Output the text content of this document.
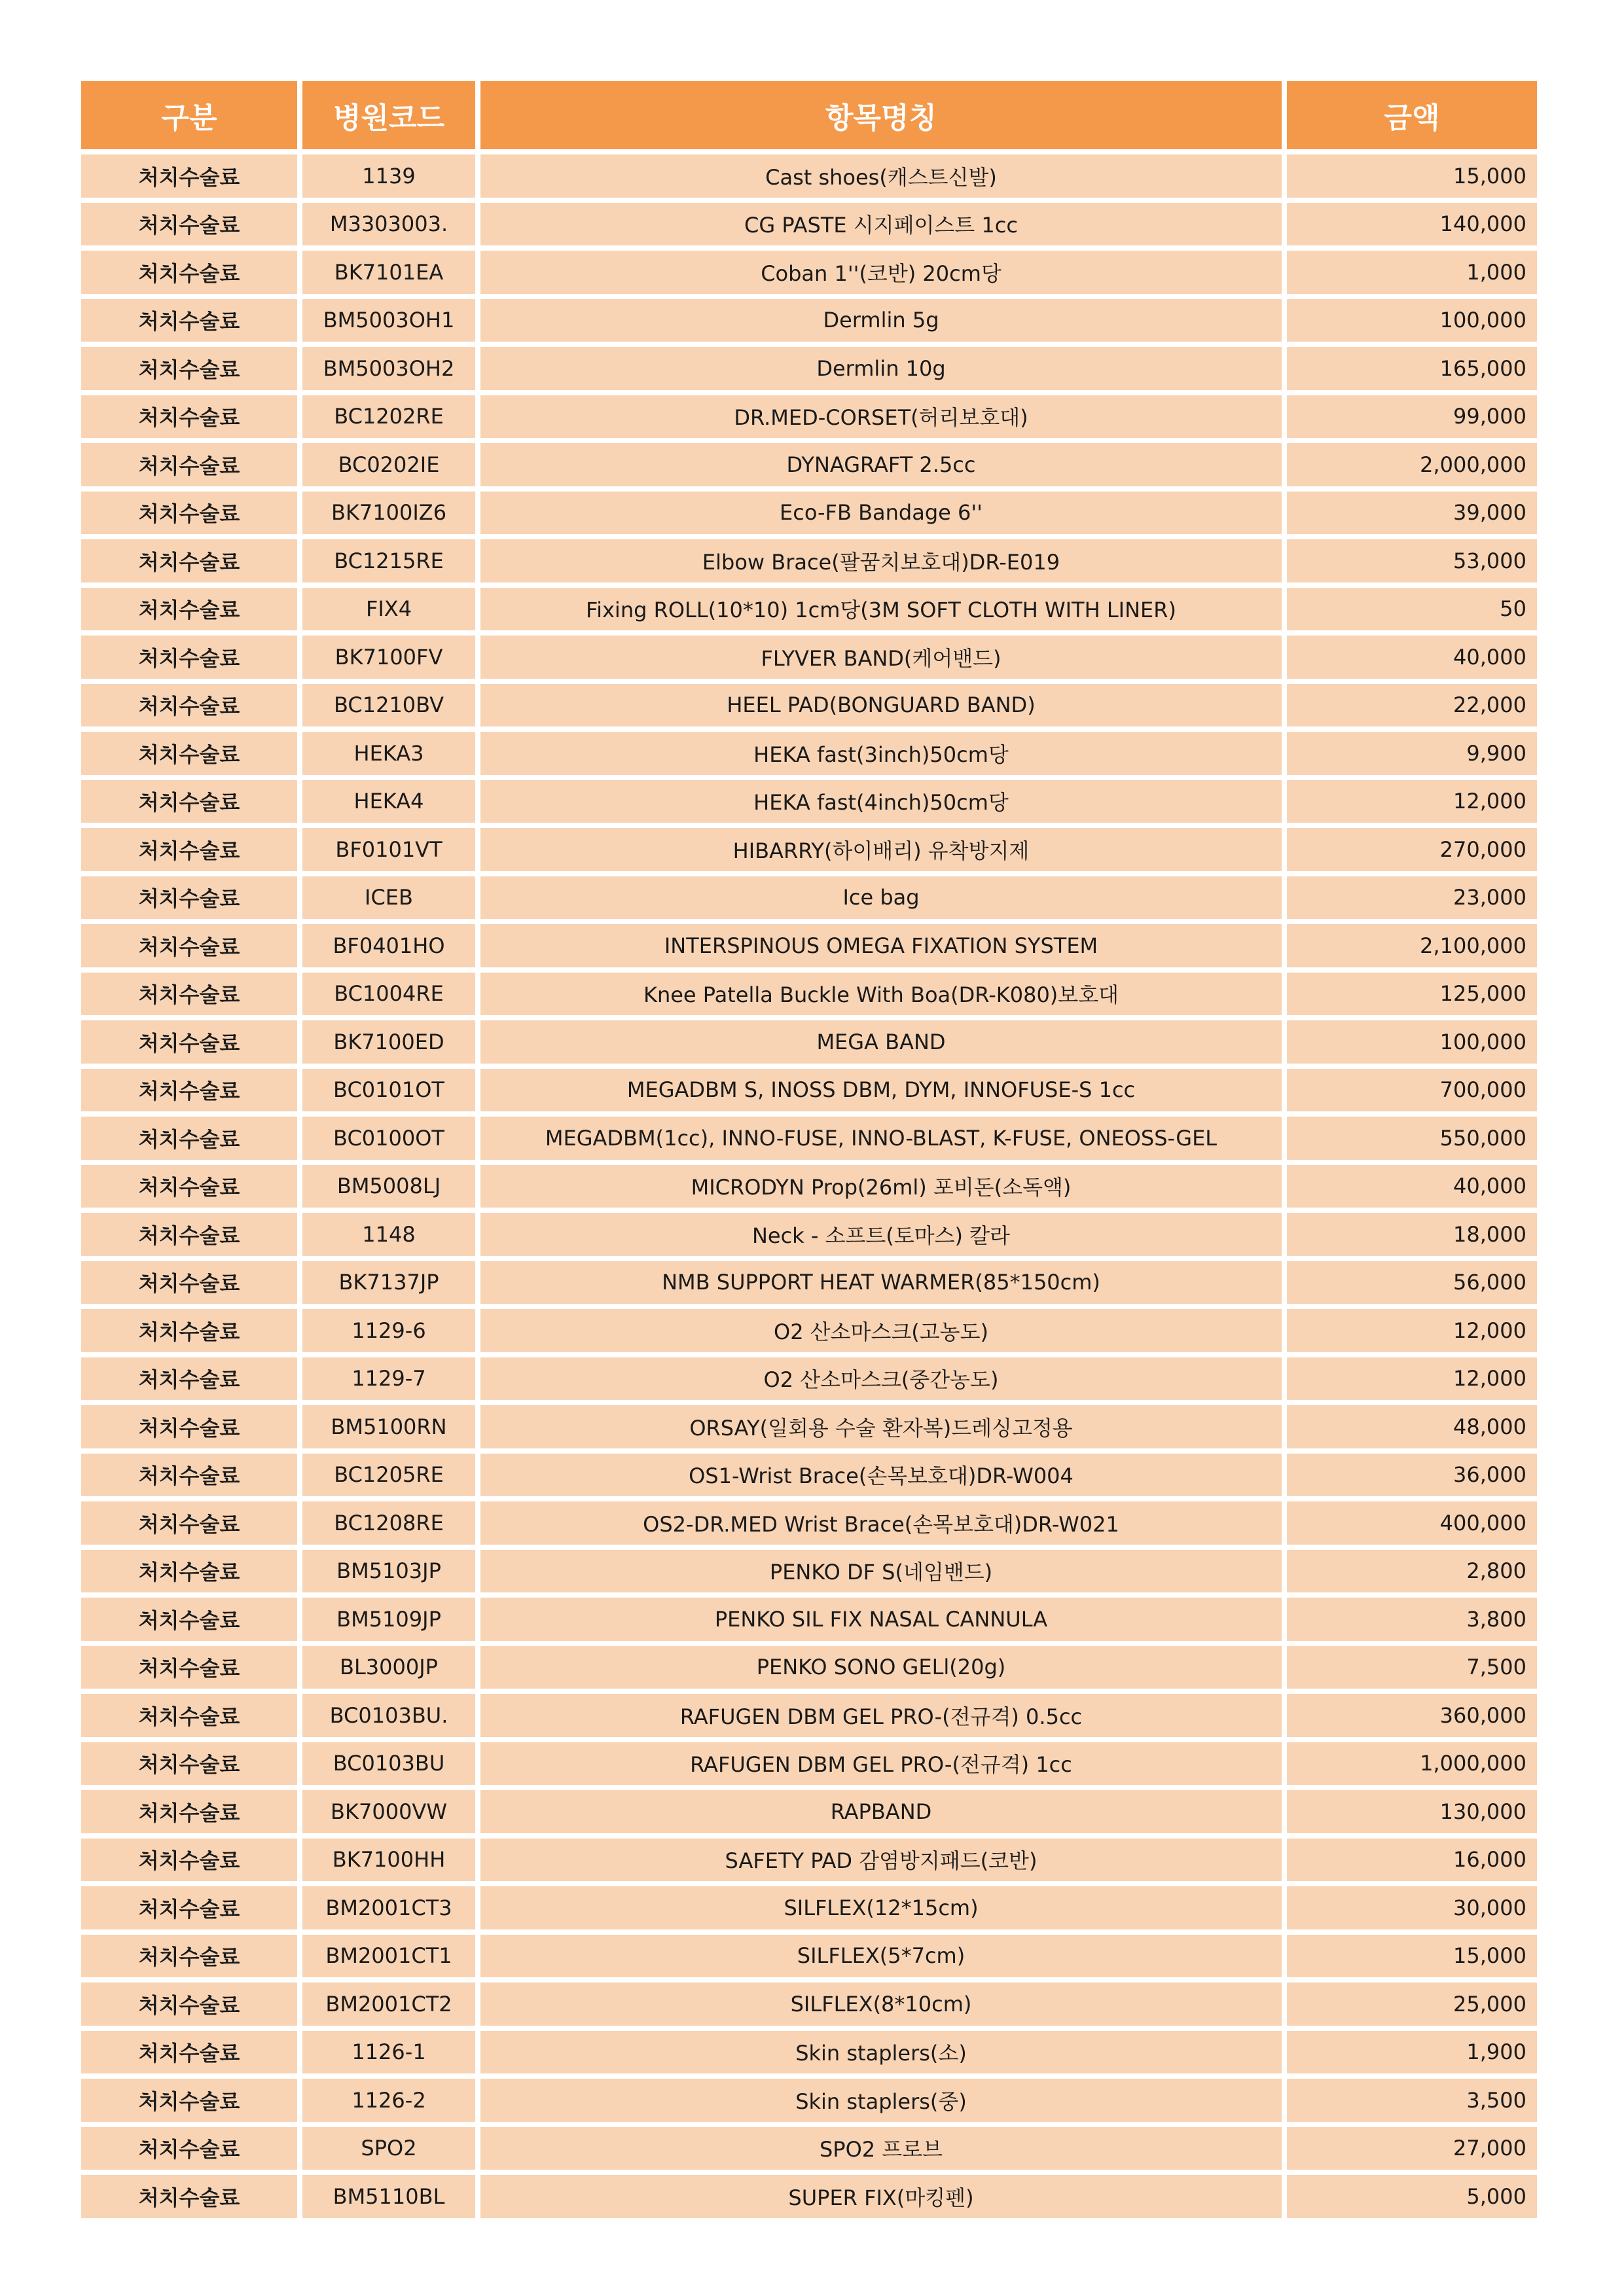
구분	병원코드	항목명칭	금액
처치수술료	1139	Cast shoes(캐스트신발)	15,000
처치수술료	M3303003.	CG PASTE 시지페이스트 1cc	140,000
처치수술료	BK7101EA	Coban 1''(코반) 20cm당	1,000
처치수술료	BM5003OH1	Dermlin 5g	100,000
처치수술료	BM5003OH2	Dermlin 10g	165,000
처치수술료	BC1202RE	DR.MED-CORSET(허리보호대)	99,000
처치수술료	BC0202IE	DYNAGRAFT 2.5cc	2,000,000
처치수술료	BK7100IZ6	Eco-FB Bandage 6''	39,000
처치수술료	BC1215RE	Elbow Brace(팔꿈치보호대)DR-E019	53,000
처치수술료	FIX4	Fixing ROLL(10*10) 1cm당(3M SOFT CLOTH WITH LINER)	50
처치수술료	BK7100FV	FLYVER BAND(케어밴드)	40,000
처치수술료	BC1210BV	HEEL PAD(BONGUARD BAND)	22,000
처치수술료	HEKA3	HEKA fast(3inch)50cm당	9,900
처치수술료	HEKA4	HEKA fast(4inch)50cm당	12,000
처치수술료	BF0101VT	HIBARRY(하이배리) 유착방지제	270,000
처치수술료	ICEB	Ice bag	23,000
처치수술료	BF0401HO	INTERSPINOUS OMEGA FIXATION SYSTEM	2,100,000
처치수술료	BC1004RE	Knee Patella Buckle With Boa(DR-K080)보호대	125,000
처치수술료	BK7100ED	MEGA BAND	100,000
처치수술료	BC0101OT	MEGADBM S, INOSS DBM, DYM, INNOFUSE-S 1cc	700,000
처치수술료	BC0100OT	MEGADBM(1cc), INNO-FUSE, INNO-BLAST, K-FUSE, ONEOSS-GEL	550,000
처치수술료	BM5008LJ	MICRODYN Prop(26ml) 포비돈(소독액)	40,000
처치수술료	1148	Neck - 소프트(토마스) 칼라	18,000
처치수술료	BK7137JP	NMB SUPPORT HEAT WARMER(85*150cm)	56,000
처치수술료	1129-6	O2 산소마스크(고농도)	12,000
처치수술료	1129-7	O2 산소마스크(중간농도)	12,000
처치수술료	BM5100RN	ORSAY(일회용 수술 환자복)드레싱고정용	48,000
처치수술료	BC1205RE	OS1-Wrist Brace(손목보호대)DR-W004	36,000
처치수술료	BC1208RE	OS2-DR.MED Wrist Brace(손목보호대)DR-W021	400,000
처치수술료	BM5103JP	PENKO DF S(네임밴드)	2,800
처치수술료	BM5109JP	PENKO SIL FIX NASAL CANNULA	3,800
처치수술료	BL3000JP	PENKO SONO GELl(20g)	7,500
처치수술료	BC0103BU.	RAFUGEN DBM GEL PRO-(전규격) 0.5cc	360,000
처치수술료	BC0103BU	RAFUGEN DBM GEL PRO-(전규격) 1cc	1,000,000
처치수술료	BK7000VW	RAPBAND	130,000
처치수술료	BK7100HH	SAFETY PAD 감염방지패드(코반)	16,000
처치수술료	BM2001CT3	SILFLEX(12*15cm)	30,000
처치수술료	BM2001CT1	SILFLEX(5*7cm)	15,000
처치수술료	BM2001CT2	SILFLEX(8*10cm)	25,000
처치수술료	1126-1	Skin staplers(소)	1,900
처치수술료	1126-2	Skin staplers(중)	3,500
처치수술료	SPO2	SPO2 프로브	27,000
처치수술료	BM5110BL	SUPER FIX(마킹펜)	5,000
